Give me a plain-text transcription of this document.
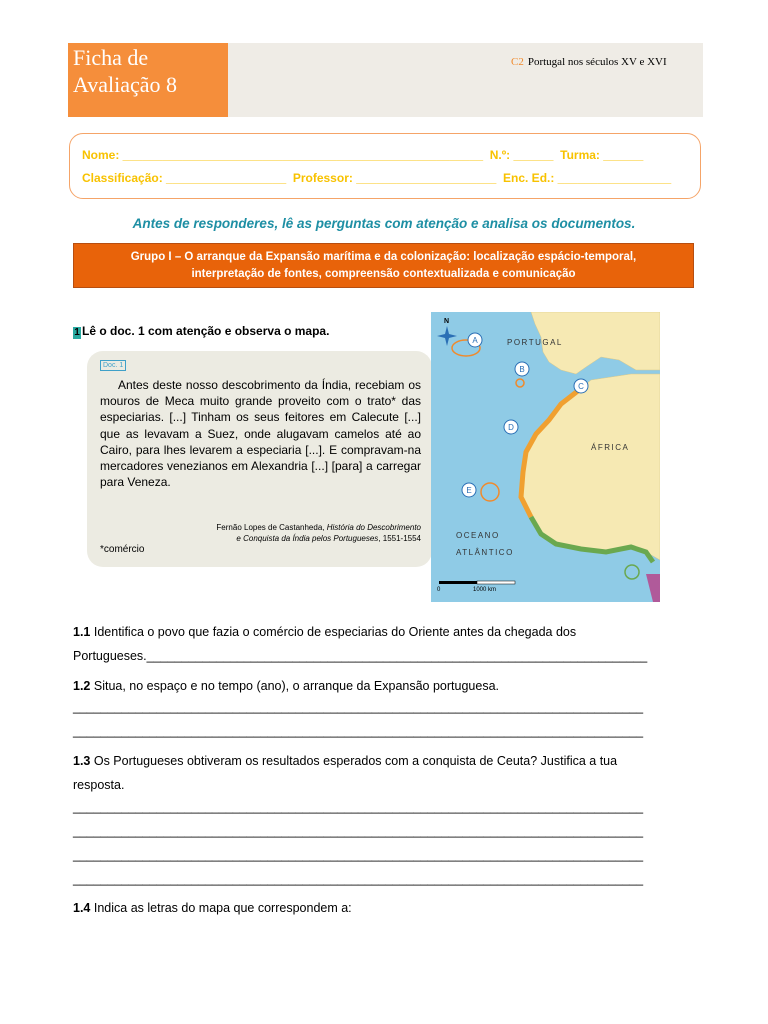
Ficha de
Avaliação 8
C2 Portugal nos séculos XV e XVI
Nome: ______________________________________________________  N.º: ______  Turma: ______
Classificação: __________________  Professor: _____________________  Enc. Ed.: _________________
Antes de responderes, lê as perguntas com atenção e analisa os documentos.
Grupo I – O arranque da Expansão marítima e da colonização: localização espácio-temporal,
interpretação de fontes, compreensão contextualizada e comunicação
1 Lê o doc. 1 com atenção e observa o mapa.
Doc. 1
Antes deste nosso descobrimento da Índia, recebiam os mouros de Meca muito grande proveito com o trato* das especiarias. [...] Tinham os seus feitores em Calecute [...] que as levavam a Suez, onde alugavam camelos até ao Cairo, para lhes levarem a especiaria [...]. E compravam-na mercadores venezianos em Alexandria [...] [para] a carregar para Veneza.
Fernão Lopes de Castanheda, História do Descobrimento
e Conquista da Índia pelos Portugueses, 1551-1554
*comércio
N
A
B
C
D
E
PORTUGAL
ÁFRICA
OCEANO
ATLÂNTICO
0	1000 km
1.1 Identifica o povo que fazia o comércio de especiarias do Oriente antes da chegada dos
Portugueses.________________________________________________________________________
1.2 Situa, no espaço e no tempo (ano), o arranque da Expansão portuguesa.
__________________________________________________________________________________
__________________________________________________________________________________
1.3 Os Portugueses obtiveram os resultados esperados com a conquista de Ceuta? Justifica a tua
resposta.
__________________________________________________________________________________
__________________________________________________________________________________
__________________________________________________________________________________
__________________________________________________________________________________
1.4 Indica as letras do mapa que correspondem a:
